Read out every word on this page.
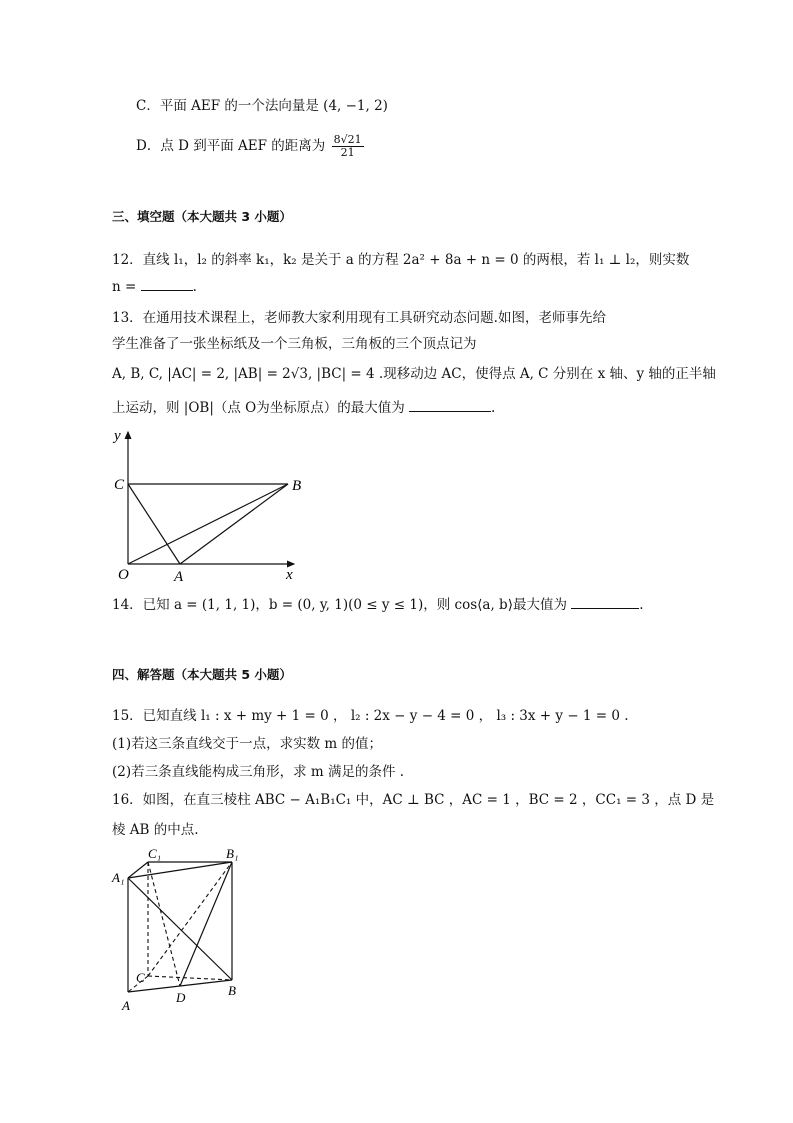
C．平面 AEF 的一个法向量是 (4, −1, 2)
D．点 D 到平面 AEF 的距离为 $\frac{8√21}{21}$
三、填空题（本大题共 3 小题）
12．直线 l₁，l₂ 的斜率 k₁，k₂ 是关于 a 的方程 2a² + 8a + n = 0 的两根，若 l₁ ⊥ l₂，则实数
n =	.
13．在通用技术课程上，老师教大家利用现有工具研究动态问题.如图，老师事先给
学生准备了一张坐标纸及一个三角板，三角板的三个顶点记为
A, B, C, |AC| = 2, |AB| = 2√3, |BC| = 4 .现移动边 AC，使得点 A, C 分别在 x 轴、y 轴的正半轴
上运动，则 |OB|（点 O为坐标原点）的最大值为	.
y
x
C	B
O	A
14．已知 a = (1, 1, 1)，b = (0, y, 1)(0 ≤ y ≤ 1)，则 cos⟨a, b⟩最大值为	.
四、解答题（本大题共 5 小题）
15．已知直线 l₁ : x + my + 1 = 0 ， l₂ : 2x − y − 4 = 0 ， l₃ : 3x + y − 1 = 0 .
(1)若这三条直线交于一点，求实数 m 的值；
(2)若三条直线能构成三角形，求 m 满足的条件 .
16．如图，在直三棱柱 ABC − A₁B₁C₁ 中，AC ⊥ BC ，AC = 1 ，BC = 2 ，CC₁ = 3 ，点 D 是
棱 AB 的中点.
C₁	B₁
A₁
C
B
D
A
